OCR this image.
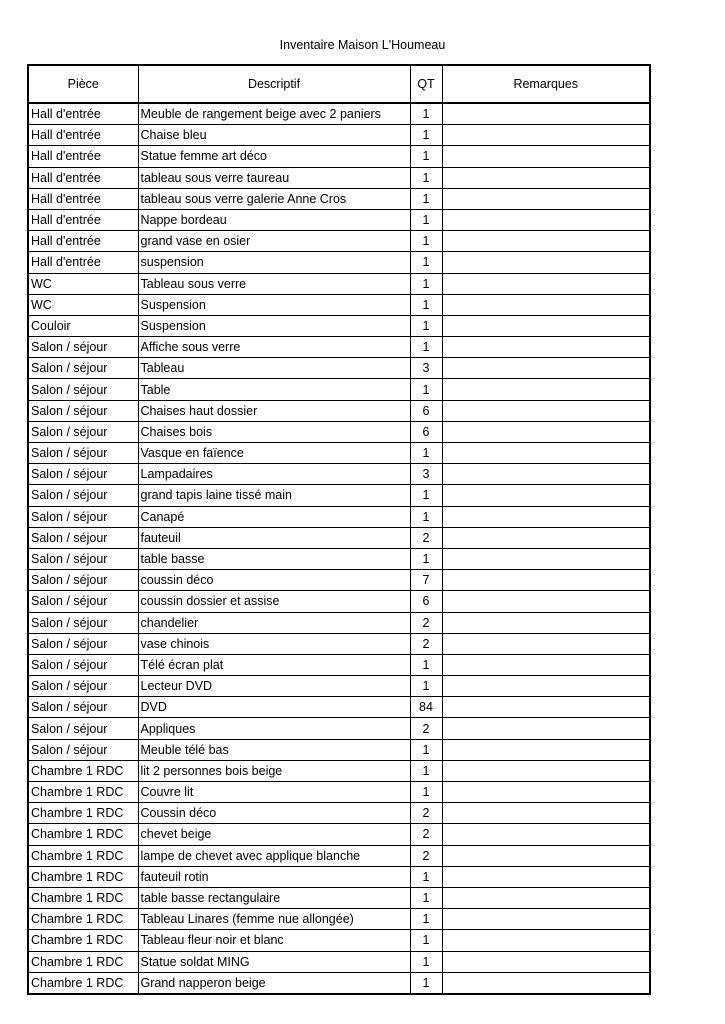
Inventaire Maison L'Houmeau
Pièce	Descriptif	QT	Remarques
Hall d'entrée	Meuble de rangement beige avec 2 paniers	1	
Hall d'entrée	Chaise bleu	1	
Hall d'entrée	Statue femme art déco	1	
Hall d'entrée	tableau sous verre taureau	1	
Hall d'entrée	tableau sous verre galerie Anne Cros	1	
Hall d'entrée	Nappe bordeau	1	
Hall d'entrée	grand vase en osier	1	
Hall d'entrée	suspension	1	
WC	Tableau sous verre	1	
WC	Suspension	1	
Couloir	Suspension	1	
Salon / séjour	Affiche sous verre	1	
Salon / séjour	Tableau	3	
Salon / séjour	Table	1	
Salon / séjour	Chaises haut dossier	6	
Salon / séjour	Chaises bois	6	
Salon / séjour	Vasque en faïence	1	
Salon / séjour	Lampadaires	3	
Salon / séjour	grand tapis laine tissé main	1	
Salon / séjour	Canapé	1	
Salon / séjour	fauteuil	2	
Salon / séjour	table basse	1	
Salon / séjour	coussin déco	7	
Salon / séjour	coussin dossier et assise	6	
Salon / séjour	chandelier	2	
Salon / séjour	vase chinois	2	
Salon / séjour	Télé écran plat	1	
Salon / séjour	Lecteur DVD	1	
Salon / séjour	DVD	84	
Salon / séjour	Appliques	2	
Salon / séjour	Meuble télé bas	1	
Chambre 1 RDC	lit 2 personnes bois beige	1	
Chambre 1 RDC	Couvre lit	1	
Chambre 1 RDC	Coussin déco	2	
Chambre 1 RDC	chevet beige	2	
Chambre 1 RDC	lampe de chevet avec applique blanche	2	
Chambre 1 RDC	fauteuil rotin	1	
Chambre 1 RDC	table basse rectangulaire	1	
Chambre 1 RDC	Tableau Linares (femme nue allongée)	1	
Chambre 1 RDC	Tableau fleur noir et blanc	1	
Chambre 1 RDC	Statue soldat MING	1	
Chambre 1 RDC	Grand napperon beige	1	
